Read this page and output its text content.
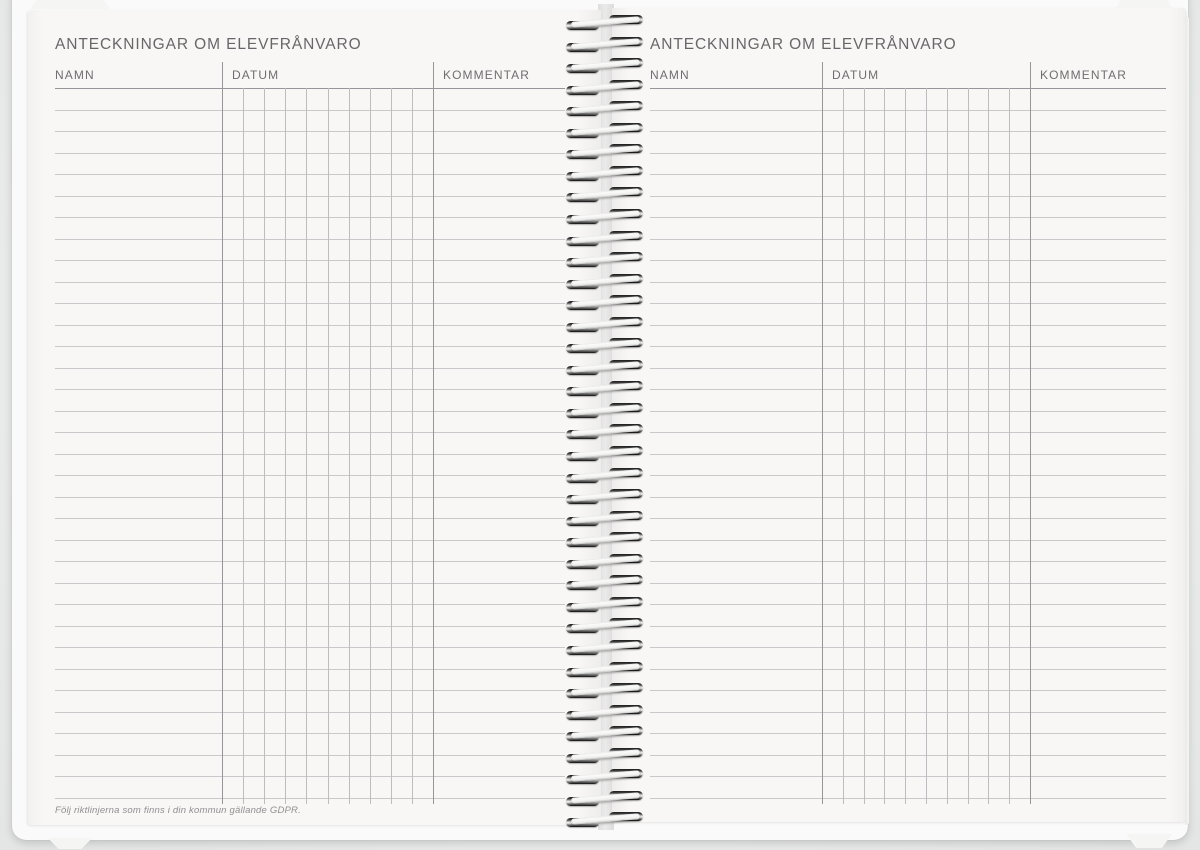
ANTECKNINGAR OM ELEVFRÅNVARO
NAMN	DATUM	KOMMENTAR
Följ riktlinjerna som finns i din kommun gällande GDPR.
ANTECKNINGAR OM ELEVFRÅNVARO
NAMN	DATUM	KOMMENTAR
